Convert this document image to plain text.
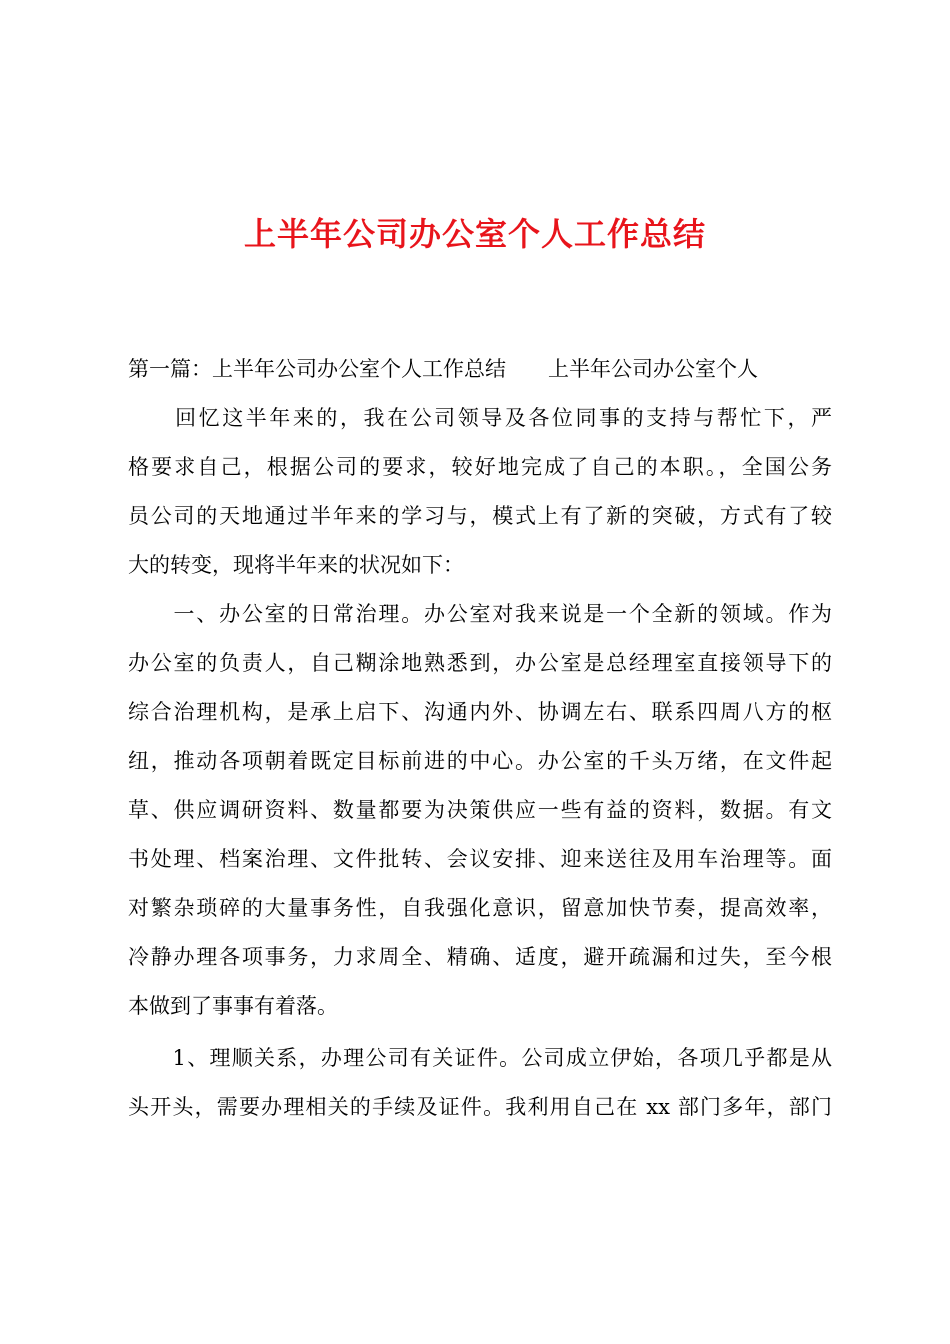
上半年公司办公室个人工作总结
第一篇：上半年公司办公室个人工作总结　　上半年公司办公室个人
　　回忆这半年来的，我在公司领导及各位同事的支持与帮忙下，严
格要求自己，根据公司的要求，较好地完成了自己的本职。，全国公务
员公司的天地通过半年来的学习与，模式上有了新的突破，方式有了较
大的转变，现将半年来的状况如下：
　　一、办公室的日常治理。办公室对我来说是一个全新的领域。作为
办公室的负责人，自己糊涂地熟悉到，办公室是总经理室直接领导下的
综合治理机构，是承上启下、沟通内外、协调左右、联系四周八方的枢
纽，推动各项朝着既定目标前进的中心。办公室的千头万绪，在文件起
草、供应调研资料、数量都要为决策供应一些有益的资料，数据。有文
书处理、档案治理、文件批转、会议安排、迎来送往及用车治理等。面
对繁杂琐碎的大量事务性，自我强化意识，留意加快节奏，提高效率，
冷静办理各项事务，力求周全、精确、适度，避开疏漏和过失，至今根
本做到了事事有着落。
　　1、理顺关系，办理公司有关证件。公司成立伊始，各项几乎都是从
头开头，需要办理相关的手续及证件。我利用自己在 xx 部门多年，部门
